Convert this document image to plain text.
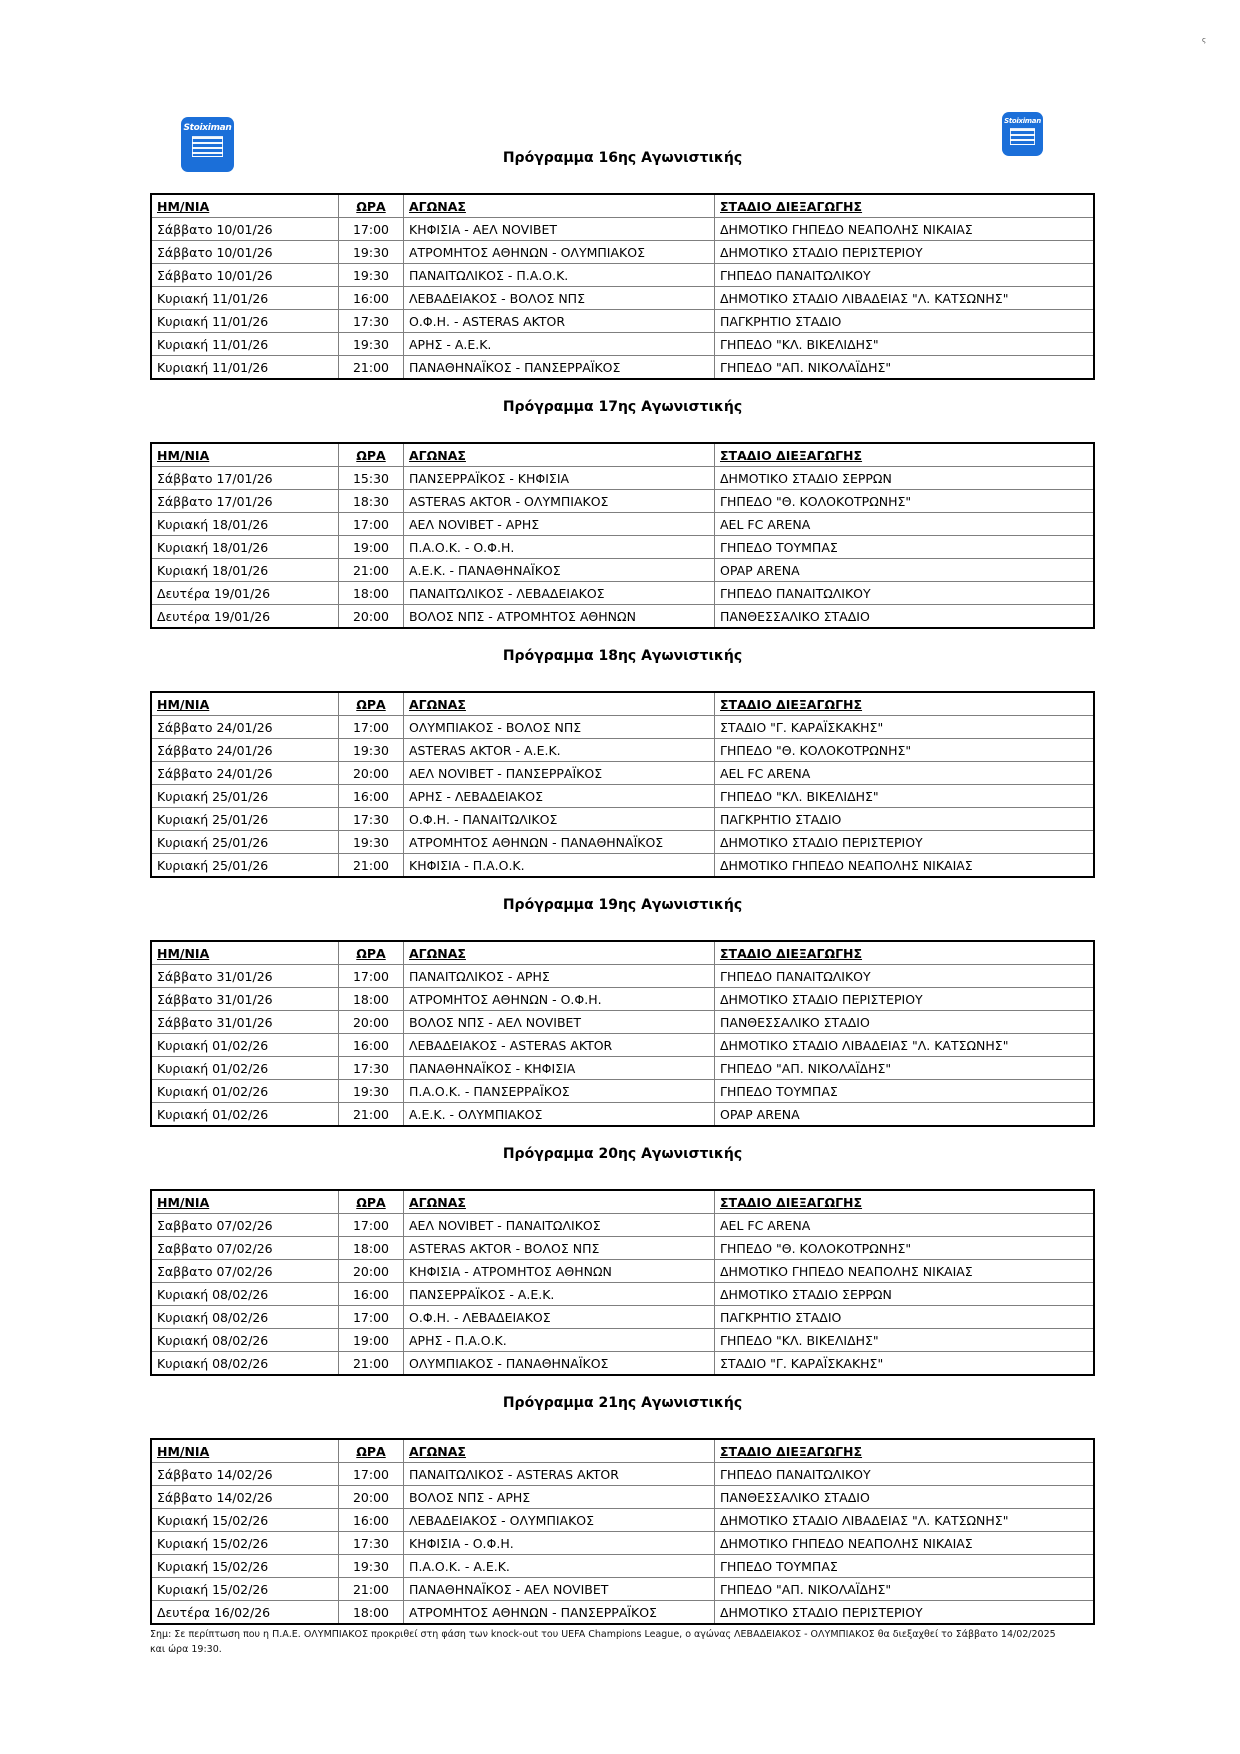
Stoiximan
Stoiximan
ς
Πρόγραμμα 16ης Αγωνιστικής
ΗΜ/ΝΙΑ	ΩΡΑ	ΑΓΩΝΑΣ	ΣΤΑΔΙΟ ΔΙΕΞΑΓΩΓΗΣ
Σάββατο 10/01/26	17:00	ΚΗΦΙΣΙΑ - ΑΕΛ NOVIBET	ΔΗΜΟΤΙΚΟ ΓΗΠΕΔΟ ΝΕΑΠΟΛΗΣ ΝΙΚΑΙΑΣ
Σάββατο 10/01/26	19:30	ΑΤΡΟΜΗΤΟΣ ΑΘΗΝΩΝ - ΟΛΥΜΠΙΑΚΟΣ	ΔΗΜΟΤΙΚΟ ΣΤΑΔΙΟ ΠΕΡΙΣΤΕΡΙΟΥ
Σάββατο 10/01/26	19:30	ΠΑΝΑΙΤΩΛΙΚΟΣ - Π.Α.Ο.Κ.	ΓΗΠΕΔΟ ΠΑΝΑΙΤΩΛΙΚΟΥ
Κυριακή 11/01/26	16:00	ΛΕΒΑΔΕΙΑΚΟΣ - ΒΟΛΟΣ ΝΠΣ	ΔΗΜΟΤΙΚΟ ΣΤΑΔΙΟ ΛΙΒΑΔΕΙΑΣ "Λ. ΚΑΤΣΩΝΗΣ"
Κυριακή 11/01/26	17:30	Ο.Φ.Η. - ASTERAS AKTOR	ΠΑΓΚΡΗΤΙΟ ΣΤΑΔΙΟ
Κυριακή 11/01/26	19:30	ΑΡΗΣ - Α.Ε.Κ.	ΓΗΠΕΔΟ "ΚΛ. ΒΙΚΕΛΙΔΗΣ"
Κυριακή 11/01/26	21:00	ΠΑΝΑΘΗΝΑΪΚΟΣ - ΠΑΝΣΕΡΡΑΪΚΟΣ	ΓΗΠΕΔΟ "ΑΠ. ΝΙΚΟΛΑΪΔΗΣ"
Πρόγραμμα 17ης Αγωνιστικής
ΗΜ/ΝΙΑ	ΩΡΑ	ΑΓΩΝΑΣ	ΣΤΑΔΙΟ ΔΙΕΞΑΓΩΓΗΣ
Σάββατο 17/01/26	15:30	ΠΑΝΣΕΡΡΑΪΚΟΣ - ΚΗΦΙΣΙΑ	ΔΗΜΟΤΙΚΟ ΣΤΑΔΙΟ ΣΕΡΡΩΝ
Σάββατο 17/01/26	18:30	ASTERAS AKTOR - ΟΛΥΜΠΙΑΚΟΣ	ΓΗΠΕΔΟ "Θ. ΚΟΛΟΚΟΤΡΩΝΗΣ"
Κυριακή 18/01/26	17:00	ΑΕΛ NOVIBET - ΑΡΗΣ	AEL FC ARENA
Κυριακή 18/01/26	19:00	Π.Α.Ο.Κ. - Ο.Φ.Η.	ΓΗΠΕΔΟ ΤΟΥΜΠΑΣ
Κυριακή 18/01/26	21:00	Α.Ε.Κ. - ΠΑΝΑΘΗΝΑΪΚΟΣ	OPAP ARENA
Δευτέρα 19/01/26	18:00	ΠΑΝΑΙΤΩΛΙΚΟΣ - ΛΕΒΑΔΕΙΑΚΟΣ	ΓΗΠΕΔΟ ΠΑΝΑΙΤΩΛΙΚΟΥ
Δευτέρα 19/01/26	20:00	ΒΟΛΟΣ ΝΠΣ - ΑΤΡΟΜΗΤΟΣ ΑΘΗΝΩΝ	ΠΑΝΘΕΣΣΑΛΙΚΟ ΣΤΑΔΙΟ
Πρόγραμμα 18ης Αγωνιστικής
ΗΜ/ΝΙΑ	ΩΡΑ	ΑΓΩΝΑΣ	ΣΤΑΔΙΟ ΔΙΕΞΑΓΩΓΗΣ
Σάββατο 24/01/26	17:00	ΟΛΥΜΠΙΑΚΟΣ - ΒΟΛΟΣ ΝΠΣ	ΣΤΑΔΙΟ "Γ. ΚΑΡΑΪΣΚΑΚΗΣ"
Σάββατο 24/01/26	19:30	ASTERAS AKTOR - Α.Ε.Κ.	ΓΗΠΕΔΟ "Θ. ΚΟΛΟΚΟΤΡΩΝΗΣ"
Σάββατο 24/01/26	20:00	ΑΕΛ NOVIBET - ΠΑΝΣΕΡΡΑΪΚΟΣ	AEL FC ARENA
Κυριακή 25/01/26	16:00	ΑΡΗΣ - ΛΕΒΑΔΕΙΑΚΟΣ	ΓΗΠΕΔΟ "ΚΛ. ΒΙΚΕΛΙΔΗΣ"
Κυριακή 25/01/26	17:30	Ο.Φ.Η. - ΠΑΝΑΙΤΩΛΙΚΟΣ	ΠΑΓΚΡΗΤΙΟ ΣΤΑΔΙΟ
Κυριακή 25/01/26	19:30	ΑΤΡΟΜΗΤΟΣ ΑΘΗΝΩΝ - ΠΑΝΑΘΗΝΑΪΚΟΣ	ΔΗΜΟΤΙΚΟ ΣΤΑΔΙΟ ΠΕΡΙΣΤΕΡΙΟΥ
Κυριακή 25/01/26	21:00	ΚΗΦΙΣΙΑ - Π.Α.Ο.Κ.	ΔΗΜΟΤΙΚΟ ΓΗΠΕΔΟ ΝΕΑΠΟΛΗΣ ΝΙΚΑΙΑΣ
Πρόγραμμα 19ης Αγωνιστικής
ΗΜ/ΝΙΑ	ΩΡΑ	ΑΓΩΝΑΣ	ΣΤΑΔΙΟ ΔΙΕΞΑΓΩΓΗΣ
Σάββατο 31/01/26	17:00	ΠΑΝΑΙΤΩΛΙΚΟΣ - ΑΡΗΣ	ΓΗΠΕΔΟ ΠΑΝΑΙΤΩΛΙΚΟΥ
Σάββατο 31/01/26	18:00	ΑΤΡΟΜΗΤΟΣ ΑΘΗΝΩΝ - Ο.Φ.Η.	ΔΗΜΟΤΙΚΟ ΣΤΑΔΙΟ ΠΕΡΙΣΤΕΡΙΟΥ
Σάββατο 31/01/26	20:00	ΒΟΛΟΣ ΝΠΣ - ΑΕΛ NOVIBET	ΠΑΝΘΕΣΣΑΛΙΚΟ ΣΤΑΔΙΟ
Κυριακή 01/02/26	16:00	ΛΕΒΑΔΕΙΑΚΟΣ - ASTERAS AKTOR	ΔΗΜΟΤΙΚΟ ΣΤΑΔΙΟ ΛΙΒΑΔΕΙΑΣ "Λ. ΚΑΤΣΩΝΗΣ"
Κυριακή 01/02/26	17:30	ΠΑΝΑΘΗΝΑΪΚΟΣ - ΚΗΦΙΣΙΑ	ΓΗΠΕΔΟ "ΑΠ. ΝΙΚΟΛΑΪΔΗΣ"
Κυριακή 01/02/26	19:30	Π.Α.Ο.Κ. - ΠΑΝΣΕΡΡΑΪΚΟΣ	ΓΗΠΕΔΟ ΤΟΥΜΠΑΣ
Κυριακή 01/02/26	21:00	Α.Ε.Κ. - ΟΛΥΜΠΙΑΚΟΣ	OPAP ARENA
Πρόγραμμα 20ης Αγωνιστικής
ΗΜ/ΝΙΑ	ΩΡΑ	ΑΓΩΝΑΣ	ΣΤΑΔΙΟ ΔΙΕΞΑΓΩΓΗΣ
Σαββατο 07/02/26	17:00	ΑΕΛ NOVIBET - ΠΑΝΑΙΤΩΛΙΚΟΣ	AEL FC ARENA
Σαββατο 07/02/26	18:00	ASTERAS AKTOR - ΒΟΛΟΣ ΝΠΣ	ΓΗΠΕΔΟ "Θ. ΚΟΛΟΚΟΤΡΩΝΗΣ"
Σαββατο 07/02/26	20:00	ΚΗΦΙΣΙΑ - ΑΤΡΟΜΗΤΟΣ ΑΘΗΝΩΝ	ΔΗΜΟΤΙΚΟ ΓΗΠΕΔΟ ΝΕΑΠΟΛΗΣ ΝΙΚΑΙΑΣ
Κυριακή 08/02/26	16:00	ΠΑΝΣΕΡΡΑΪΚΟΣ - Α.Ε.Κ.	ΔΗΜΟΤΙΚΟ ΣΤΑΔΙΟ ΣΕΡΡΩΝ
Κυριακή 08/02/26	17:00	Ο.Φ.Η. - ΛΕΒΑΔΕΙΑΚΟΣ	ΠΑΓΚΡΗΤΙΟ ΣΤΑΔΙΟ
Κυριακή 08/02/26	19:00	ΑΡΗΣ - Π.Α.Ο.Κ.	ΓΗΠΕΔΟ "ΚΛ. ΒΙΚΕΛΙΔΗΣ"
Κυριακή 08/02/26	21:00	ΟΛΥΜΠΙΑΚΟΣ - ΠΑΝΑΘΗΝΑΪΚΟΣ	ΣΤΑΔΙΟ "Γ. ΚΑΡΑΪΣΚΑΚΗΣ"
Πρόγραμμα 21ης Αγωνιστικής
ΗΜ/ΝΙΑ	ΩΡΑ	ΑΓΩΝΑΣ	ΣΤΑΔΙΟ ΔΙΕΞΑΓΩΓΗΣ
Σάββατο 14/02/26	17:00	ΠΑΝΑΙΤΩΛΙΚΟΣ - ASTERAS AKTOR	ΓΗΠΕΔΟ ΠΑΝΑΙΤΩΛΙΚΟΥ
Σάββατο 14/02/26	20:00	ΒΟΛΟΣ ΝΠΣ - ΑΡΗΣ	ΠΑΝΘΕΣΣΑΛΙΚΟ ΣΤΑΔΙΟ
Κυριακή 15/02/26	16:00	ΛΕΒΑΔΕΙΑΚΟΣ - ΟΛΥΜΠΙΑΚΟΣ	ΔΗΜΟΤΙΚΟ ΣΤΑΔΙΟ ΛΙΒΑΔΕΙΑΣ "Λ. ΚΑΤΣΩΝΗΣ"
Κυριακή 15/02/26	17:30	ΚΗΦΙΣΙΑ - Ο.Φ.Η.	ΔΗΜΟΤΙΚΟ ΓΗΠΕΔΟ ΝΕΑΠΟΛΗΣ ΝΙΚΑΙΑΣ
Κυριακή 15/02/26	19:30	Π.Α.Ο.Κ. - Α.Ε.Κ.	ΓΗΠΕΔΟ ΤΟΥΜΠΑΣ
Κυριακή 15/02/26	21:00	ΠΑΝΑΘΗΝΑΪΚΟΣ - ΑΕΛ NOVIBET	ΓΗΠΕΔΟ "ΑΠ. ΝΙΚΟΛΑΪΔΗΣ"
Δευτέρα 16/02/26	18:00	ΑΤΡΟΜΗΤΟΣ ΑΘΗΝΩΝ - ΠΑΝΣΕΡΡΑΪΚΟΣ	ΔΗΜΟΤΙΚΟ ΣΤΑΔΙΟ ΠΕΡΙΣΤΕΡΙΟΥ
Σημ: Σε περίπτωση που η Π.Α.Ε. ΟΛΥΜΠΙΑΚΟΣ προκριθεί στη φάση των knock-out του UEFA Champions League, ο αγώνας ΛΕΒΑΔΕΙΑΚΟΣ - ΟΛΥΜΠΙΑΚΟΣ θα διεξαχθεί το Σάββατο 14/02/2025
και ώρα 19:30.
